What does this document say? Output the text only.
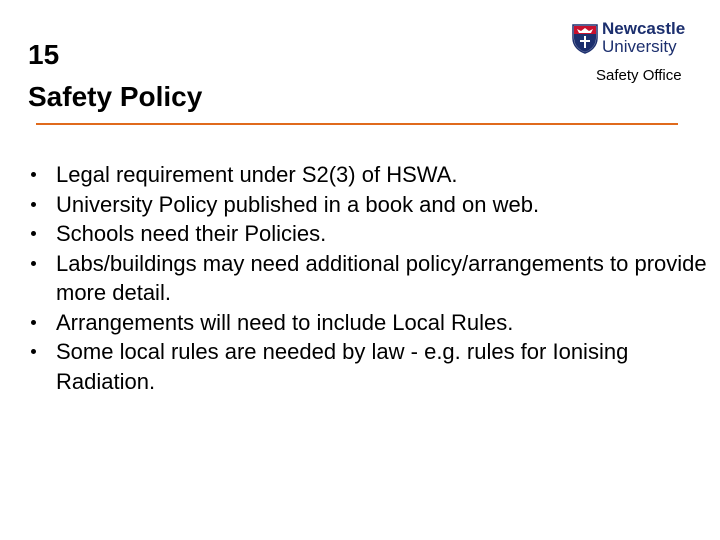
15
Safety Policy
Newcastle
University
Safety Office
Legal requirement under S2(3) of HSWA.
University Policy published in a book and on web.
Schools need their Policies.
Labs/buildings may need additional policy/arrangements to provide more detail.
Arrangements will need to include Local Rules.
Some local rules are needed by law - e.g. rules for Ionising Radiation.
